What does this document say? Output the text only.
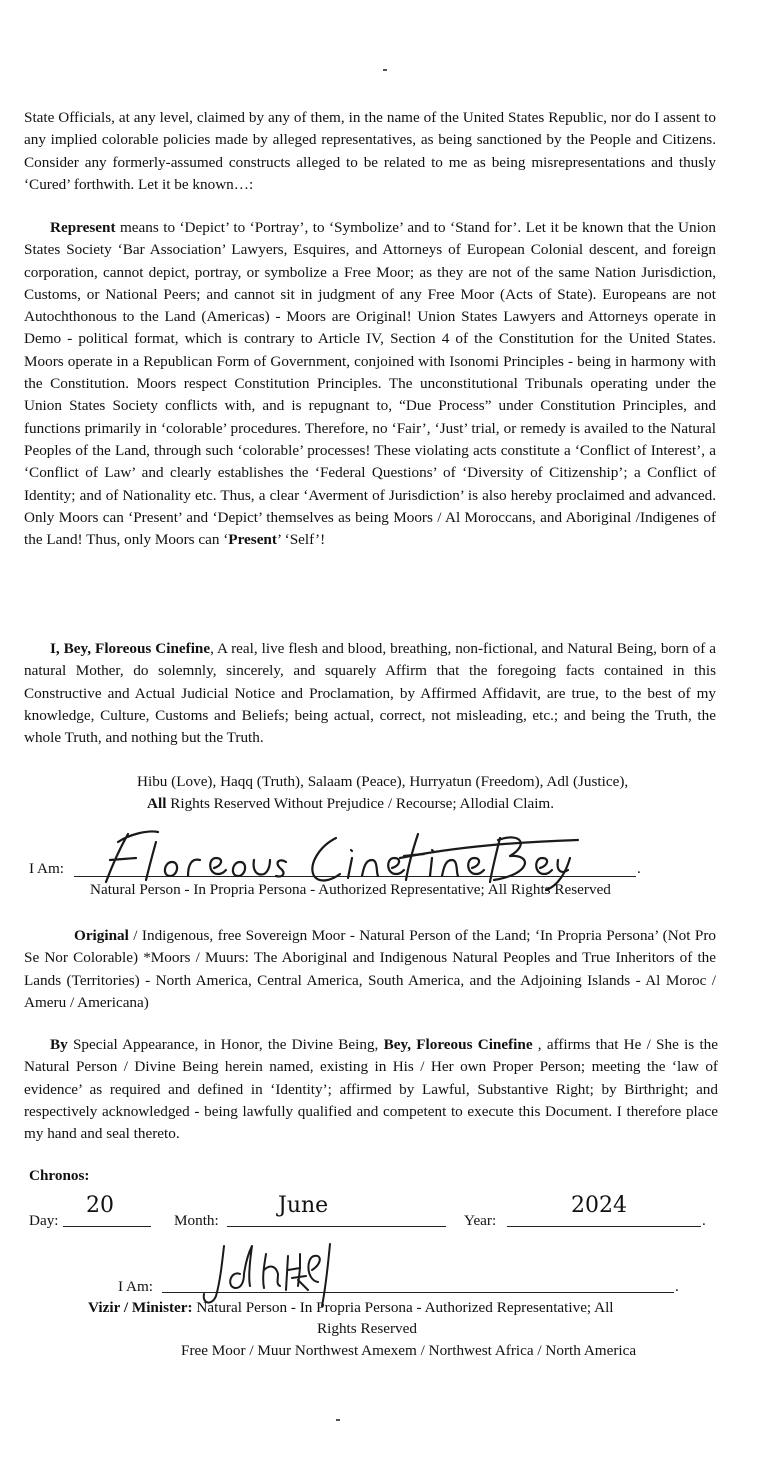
State Officials, at any level, claimed by any of them, in the name of the United States Republic, nor do I assent to any implied colorable policies made by alleged representatives, as being sanctioned by the People and Citizens. Consider any formerly-assumed constructs alleged to be related to me as being misrepresentations and thusly ‘Cured’ forthwith. Let it be known…:

Represent means to ‘Depict’ to ‘Portray’, to ‘Symbolize’ and to ‘Stand for’. Let it be known that the Union States Society ‘Bar Association’ Lawyers, Esquires, and Attorneys of European Colonial descent, and foreign corporation, cannot depict, portray, or symbolize a Free Moor; as they are not of the same Nation Jurisdiction, Customs, or National Peers; and cannot sit in judgment of any Free Moor (Acts of State). Europeans are not Autochthonous to the Land (Americas) - Moors are Original! Union States Lawyers and Attorneys operate in Demo - political format, which is contrary to Article IV, Section 4 of the Constitution for the United States. Moors operate in a Republican Form of Government, conjoined with Isonomi Principles - being in harmony with the Constitution. Moors respect Constitution Principles. The unconstitutional Tribunals operating under the Union States Society conflicts with, and is repugnant to, “Due Process” under Constitution Principles, and functions primarily in ‘colorable’ procedures. Therefore, no ‘Fair’, ‘Just’ trial, or remedy is availed to the Natural Peoples of the Land, through such ‘colorable’ processes! These violating acts constitute a ‘Conflict of Interest’, a ‘Conflict of Law’ and clearly establishes the ‘Federal Questions’ of ‘Diversity of Citizenship’; a Conflict of Identity; and of Nationality etc. Thus, a clear ‘Averment of Jurisdiction’ is also hereby proclaimed and advanced. Only Moors can ‘Present’ and ‘Depict’ themselves as being Moors / Al Moroccans, and Aboriginal /Indigenes of the Land! Thus, only Moors can ‘Present’ ‘Self’!

I, Bey, Floreous Cinefine, A real, live flesh and blood, breathing, non-fictional, and Natural Being, born of a natural Mother, do solemnly, sincerely, and squarely Affirm that the foregoing facts contained in this Constructive and Actual Judicial Notice and Proclamation, by Affirmed Affidavit, are true, to the best of my knowledge, Culture, Customs and Beliefs; being actual, correct, not misleading, etc.; and being the Truth, the whole Truth, and nothing but the Truth.

Hibu (Love), Haqq (Truth), Salaam (Peace), Hurryatun (Freedom), Adl (Justice),
All Rights Reserved Without Prejudice / Recourse; Allodial Claim.
I Am:	.
Natural Person - In Propria Persona - Authorized Representative; All Rights Reserved

Original / Indigenous, free Sovereign Moor - Natural Person of the Land; ‘In Propria Persona’ (Not Pro Se Nor Colorable) *Moors / Muurs: The Aboriginal and Indigenous Natural Peoples and True Inheritors of the Lands (Territories) - North America, Central America, South America, and the Adjoining Islands - Al Moroc / Ameru / Americana)

By Special Appearance, in Honor, the Divine Being, Bey, Floreous Cinefine , affirms that He / She is the Natural Person / Divine Being herein named, existing in His / Her own Proper Person; meeting the ‘law of evidence’ as required and defined in ‘Identity’; affirmed by Lawful, Substantive Right; by Birthright; and respectively acknowledged - being lawfully qualified and competent to execute this Document. I therefore place my hand and seal thereto.

Chronos:
Day:
20
Month:
June
Year:	.
2024
I Am:	.
Vizir / Minister: Natural Person - In Propria Persona - Authorized Representative; All
Rights Reserved
Free Moor / Muur Northwest Amexem / Northwest Africa / North America
